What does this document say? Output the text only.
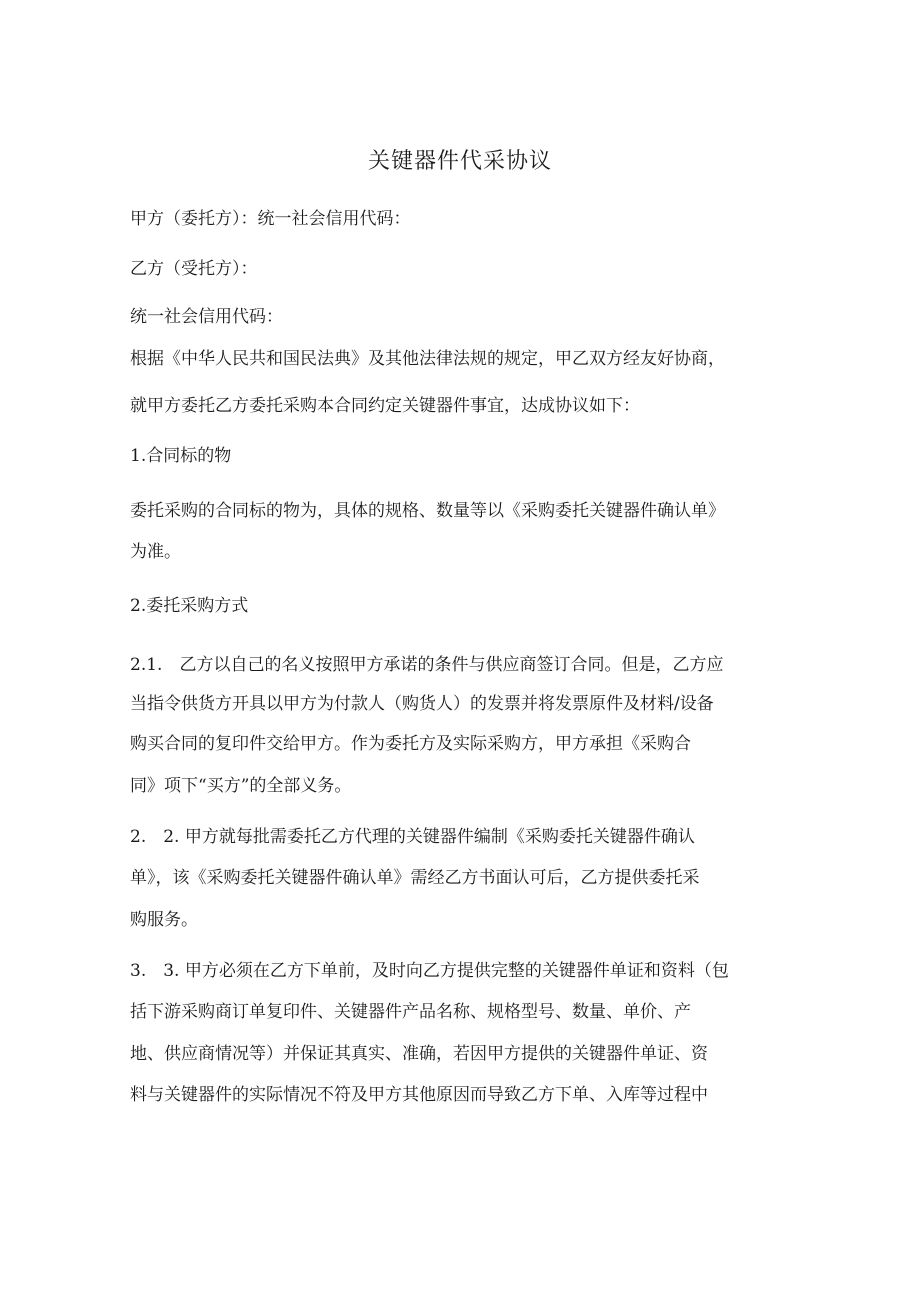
关键器件代采协议
甲方（委托方）：统一社会信用代码：
乙方（受托方）：
统一社会信用代码：
根据《中华人民共和国民法典》及其他法律法规的规定，甲乙双方经友好协商，
就甲方委托乙方委托采购本合同约定关键器件事宜，达成协议如下：
1.合同标的物
委托采购的合同标的物为，具体的规格、数量等以《采购委托关键器件确认单》
为准。
2.委托采购方式
2.1.　乙方以自己的名义按照甲方承诺的条件与供应商签订合同。但是，乙方应
当指令供货方开具以甲方为付款人（购货人）的发票并将发票原件及材料/设备
购买合同的复印件交给甲方。作为委托方及实际采购方，甲方承担《采购合
同》项下“买方”的全部义务。
2.　2. 甲方就每批需委托乙方代理的关键器件编制《采购委托关键器件确认
单》，该《采购委托关键器件确认单》需经乙方书面认可后，乙方提供委托采
购服务。
3.　3. 甲方必须在乙方下单前，及时向乙方提供完整的关键器件单证和资料（包
括下游采购商订单复印件、关键器件产品名称、规格型号、数量、单价、产
地、供应商情况等）并保证其真实、准确，若因甲方提供的关键器件单证、资
料与关键器件的实际情况不符及甲方其他原因而导致乙方下单、入库等过程中
